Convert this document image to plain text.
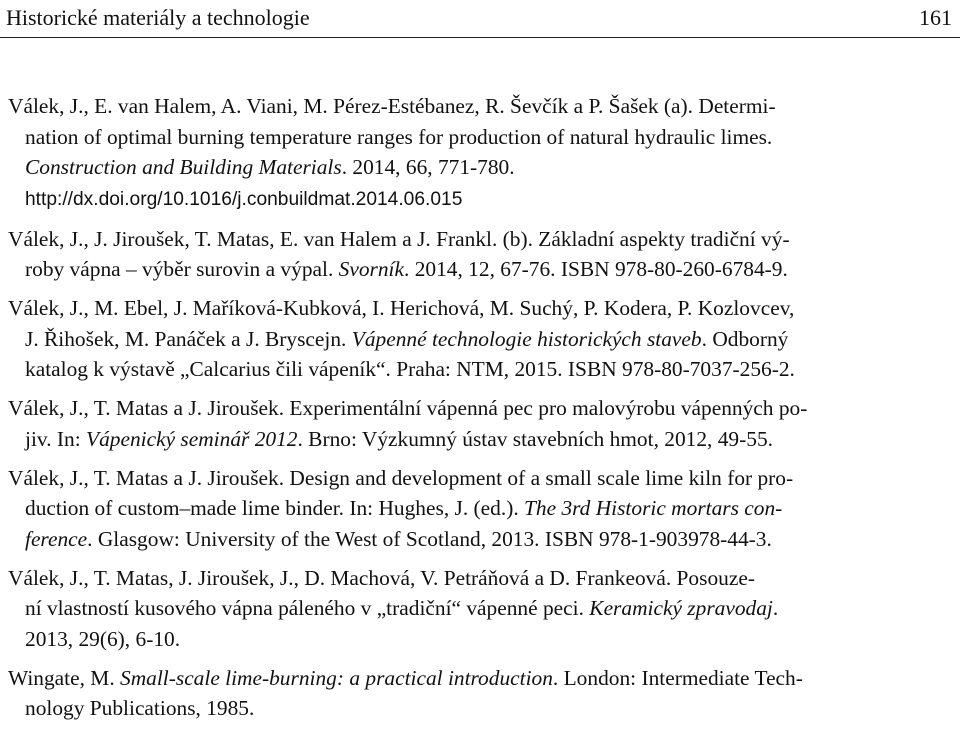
Historické materiály a technologie	161
Válek, J., E. van Halem, A. Viani, M. Pérez-Estébanez, R. Ševčík a P. Šašek (a). Determi-

nation of optimal burning temperature ranges for production of natural hydraulic limes.
Construction and Building Materials. 2014, 66, 771-780.
http://dx.doi.org/10.1016/j.conbuildmat.2014.06.015
Válek, J., J. Jiroušek, T. Matas, E. van Halem a J. Frankl. (b). Základní aspekty tradiční vý-

roby vápna – výběr surovin a výpal. Svorník. 2014, 12, 67-76. ISBN 978-80-260-6784-9.
Válek, J., M. Ebel, J. Maříková-Kubková, I. Herichová, M. Suchý, P. Kodera, P. Kozlovcev,

J. Řihošek, M. Panáček a J. Bryscejn. Vápenné technologie historických staveb. Odborný
katalog k výstavě „Calcarius čili vápeník“. Praha: NTM, 2015. ISBN 978-80-7037-256-2.
Válek, J., T. Matas a J. Jiroušek. Experimentální vápenná pec pro malovýrobu vápenných po-

jiv. In: Vápenický seminář 2012. Brno: Výzkumný ústav stavebních hmot, 2012, 49-55.
Válek, J., T. Matas a J. Jiroušek. Design and development of a small scale lime kiln for pro-

duction of custom–made lime binder. In: Hughes, J. (ed.). The 3rd Historic mortars con-
ference. Glasgow: University of the West of Scotland, 2013. ISBN 978-1-903978-44-3.
Válek, J., T. Matas, J. Jiroušek, J., D. Machová, V. Petráňová a D. Frankeová. Posouze-

ní vlastností kusového vápna páleného v „tradiční“ vápenné peci. Keramický zpravodaj.
2013, 29(6), 6-10.
Wingate, M. Small-scale lime-burning: a practical introduction. London: Intermediate Tech-

nology Publications, 1985.
